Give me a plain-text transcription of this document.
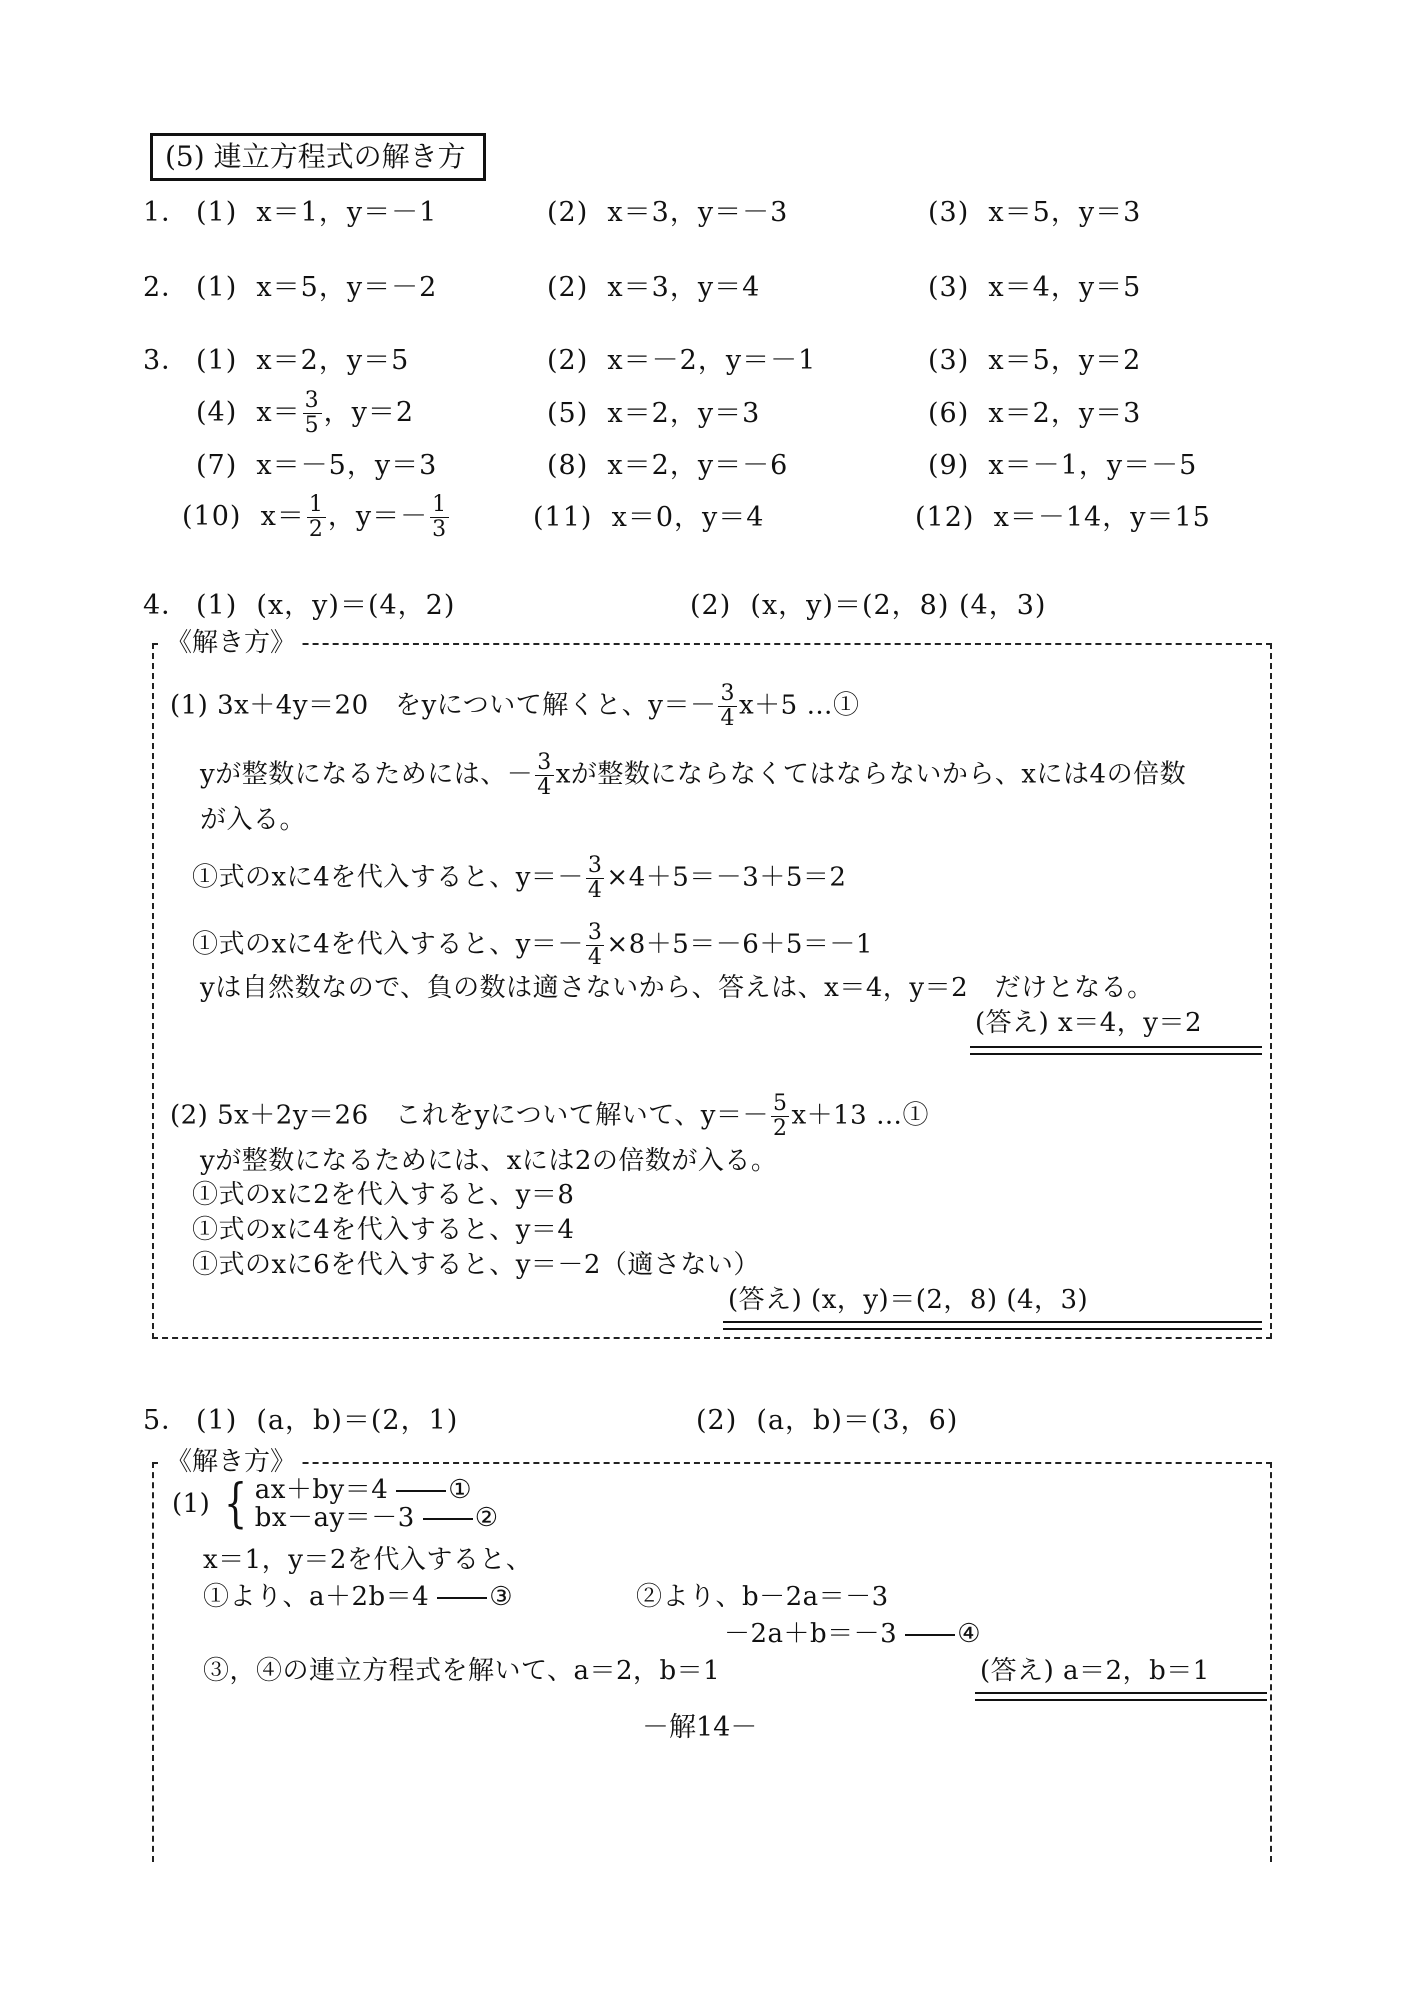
(5) 連立方程式の解き方
1． (1) x＝1，y＝－1	(2) x＝3，y＝－3	(3) x＝5，y＝3
2． (1) x＝5，y＝－2	(2) x＝3，y＝4	(3) x＝4，y＝5
3． (1) x＝2，y＝5	(2) x＝－2，y＝－1	(3) x＝5，y＝2
(4) $x= \frac{3}{5}$ ，y＝2	(5) x＝2，y＝3	(6) x＝2，y＝3
(7) x＝－5，y＝3	(8) x＝2，y＝－6	(9) x＝－1，y＝－5
(10) $x= \frac{1}{2}$ ，$y=- \frac{1}{3}$	(11) x＝0，y＝4	(12) x＝－14，y＝15
4． (1) (x，y)＝(4，2)	(2) (x，y)＝(2，8) (4，3)
《解き方》
(1) 3x＋4y＝20　をyについて解くと、$y=- \frac{3}{4} x+5$ …①
yが整数になるためには、－ $\frac{3}{4}$ xが整数にならなくてはならないから、xには4の倍数
が入る。
①式のxに4を代入すると、$y=- \frac{3}{4} \times 4+5=-3+5=2$
①式のxに4を代入すると、$y=- \frac{3}{4} \times 8+5=-6+5=-1$
yは自然数なので、負の数は適さないから、答えは、x＝4，y＝2　だけとなる。
(答え) x＝4，y＝2
(2) 5x＋2y＝26　これをyについて解いて、$y=- \frac{5}{2} x+13$ …①
yが整数になるためには、xには2の倍数が入る。
①式のxに2を代入すると、y＝8
①式のxに4を代入すると、y＝4
①式のxに6を代入すると、y＝－2（適さない）
(答え) (x，y)＝(2，8) (4，3)
5． (1) (a，b)＝(2，1)	(2) (a，b)＝(3，6)
《解き方》
(1) { ax＋by＝4 ①
bx－ay＝－3 ②
x＝1，y＝2を代入すると、
①より、a＋2b＝4 ③	②より、b－2a＝－3
－2a＋b＝－3 ④
③，④の連立方程式を解いて、a＝2，b＝1	(答え) a＝2，b＝1
－解14－
